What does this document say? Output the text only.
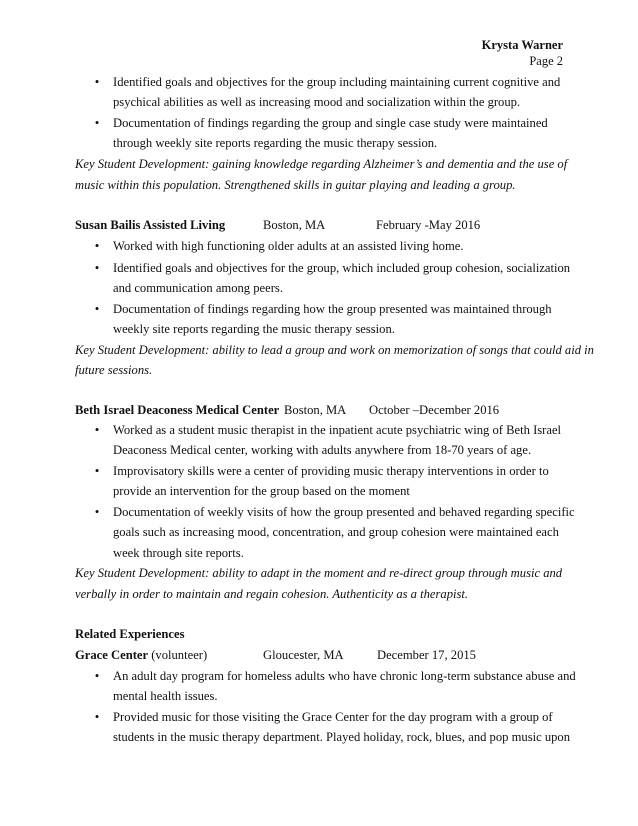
Krysta Warner
Page 2
• Identified goals and objectives for the group including maintaining current cognitive and
psychical abilities as well as increasing mood and socialization within the group.
• Documentation of findings regarding the group and single case study were maintained
through weekly site reports regarding the music therapy session.
Key Student Development: gaining knowledge regarding Alzheimer’s and dementia and the use of
music within this population. Strengthened skills in guitar playing and leading a group.
Susan Bailis Assisted Living	Boston, MA	February -May 2016
• Worked with high functioning older adults at an assisted living home.
• Identified goals and objectives for the group, which included group cohesion, socialization
and communication among peers.
• Documentation of findings regarding how the group presented was maintained through
weekly site reports regarding the music therapy session.
Key Student Development: ability to lead a group and work on memorization of songs that could aid in
future sessions.
Beth Israel Deaconess Medical Center Boston, MA October –December 2016
• Worked as a student music therapist in the inpatient acute psychiatric wing of Beth Israel
Deaconess Medical center, working with adults anywhere from 18-70 years of age.
• Improvisatory skills were a center of providing music therapy interventions in order to
provide an intervention for the group based on the moment
• Documentation of weekly visits of how the group presented and behaved regarding specific
goals such as increasing mood, concentration, and group cohesion were maintained each
week through site reports.
Key Student Development: ability to adapt in the moment and re-direct group through music and
verbally in order to maintain and regain cohesion. Authenticity as a therapist.
Related Experiences
Grace Center (volunteer)	Gloucester, MA	December 17, 2015
• An adult day program for homeless adults who have chronic long-term substance abuse and
mental health issues.
• Provided music for those visiting the Grace Center for the day program with a group of
students in the music therapy department. Played holiday, rock, blues, and pop music upon
